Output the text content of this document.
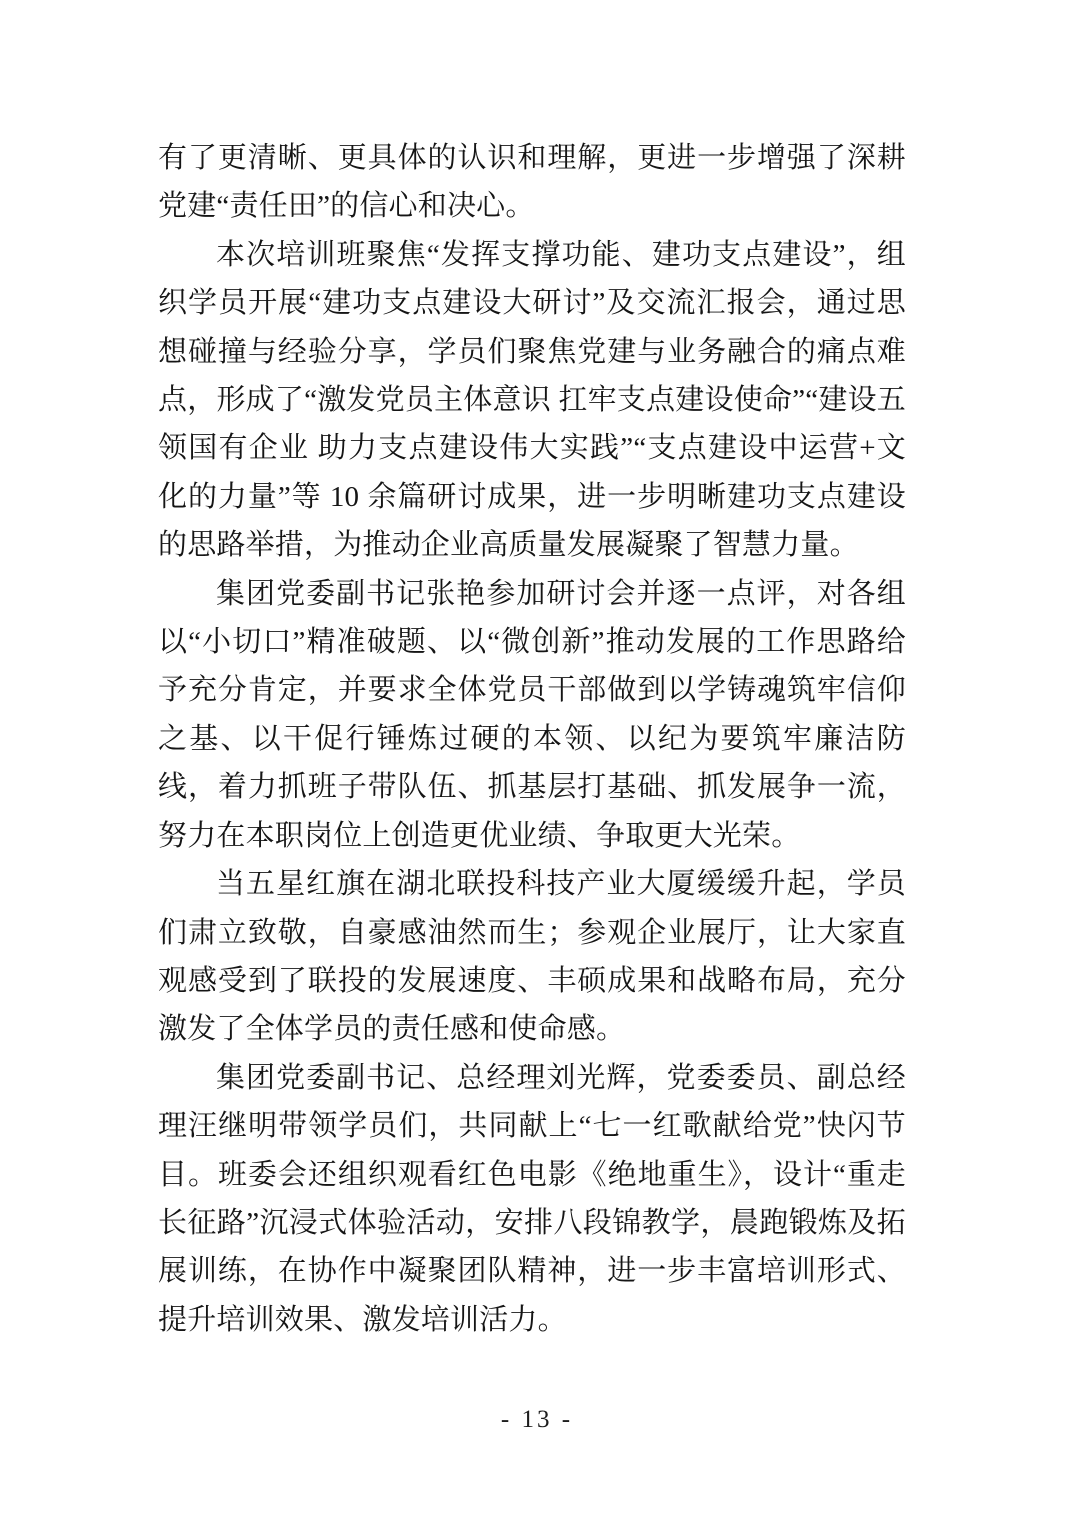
有了更清晰、更具体的认识和理解，更进一步增强了深耕党建“责任田”的信心和决心。

本次培训班聚焦“发挥支撑功能、建功支点建设”，组织学员开展“建功支点建设大研讨”及交流汇报会，通过思想碰撞与经验分享，学员们聚焦党建与业务融合的痛点难点，形成了“激发党员主体意识 扛牢支点建设使命”“建设五领国有企业 助力支点建设伟大实践”“支点建设中运营+文化的力量”等 10 余篇研讨成果，进一步明晰建功支点建设的思路举措，为推动企业高质量发展凝聚了智慧力量。

集团党委副书记张艳参加研讨会并逐一点评，对各组以“小切口”精准破题、以“微创新”推动发展的工作思路给予充分肯定，并要求全体党员干部做到以学铸魂筑牢信仰之基、以干促行锤炼过硬的本领、以纪为要筑牢廉洁防线，着力抓班子带队伍、抓基层打基础、抓发展争一流，努力在本职岗位上创造更优业绩、争取更大光荣。

当五星红旗在湖北联投科技产业大厦缓缓升起，学员们肃立致敬，自豪感油然而生；参观企业展厅，让大家直观感受到了联投的发展速度、丰硕成果和战略布局，充分激发了全体学员的责任感和使命感。

集团党委副书记、总经理刘光辉，党委委员、副总经理汪继明带领学员们，共同献上“七一红歌献给党”快闪节目。班委会还组织观看红色电影《绝地重生》，设计“重走长征路”沉浸式体验活动，安排八段锦教学，晨跑锻炼及拓展训练，在协作中凝聚团队精神，进一步丰富培训形式、提升培训效果、激发培训活力。

- 13 -
